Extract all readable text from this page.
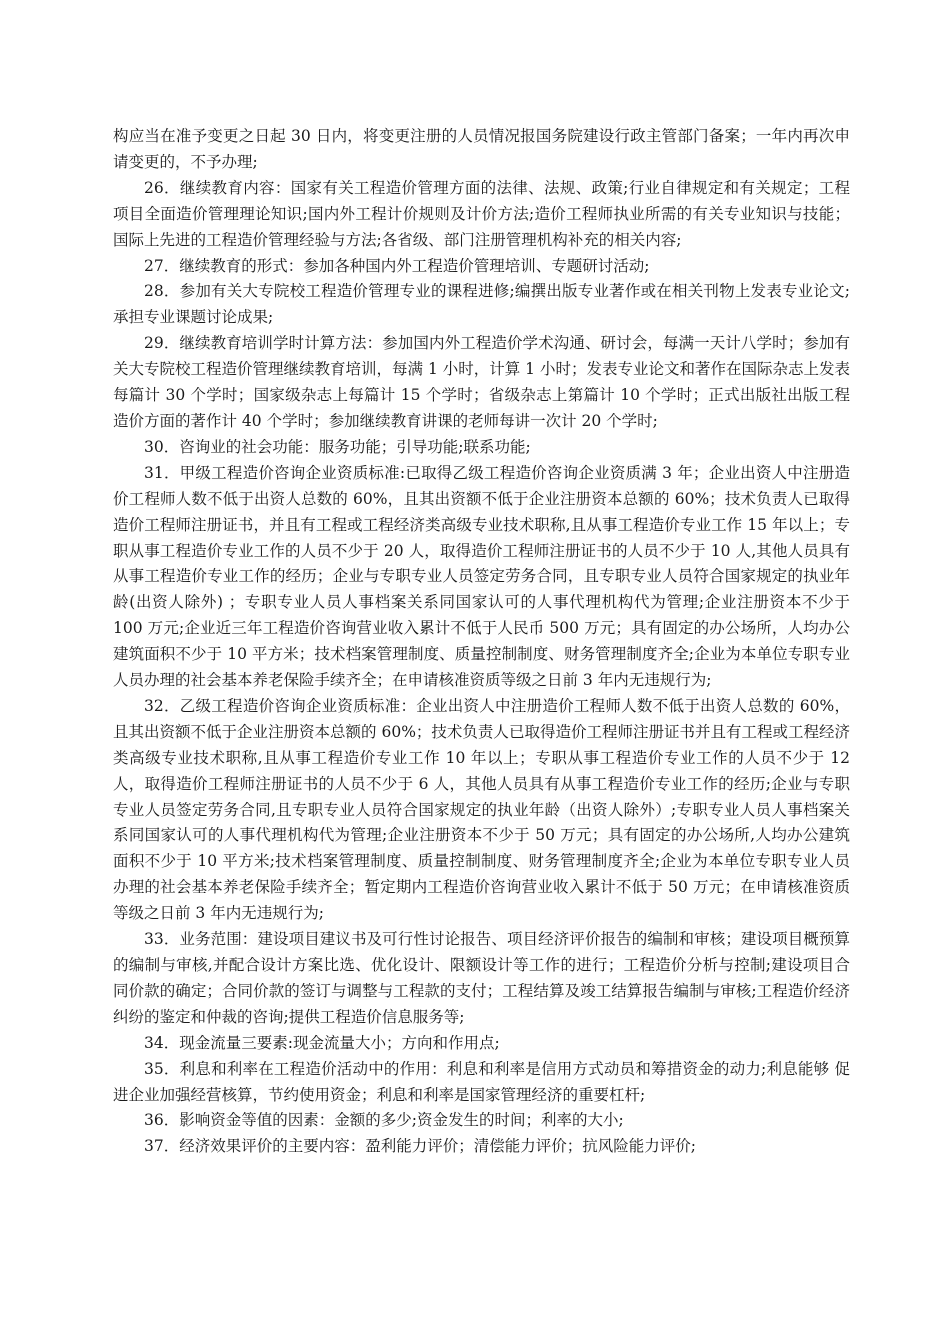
构应当在准予变更之日起 30 日内，将变更注册的人员情况报国务院建设行政主管部门备案；一年内再次申请变更的，不予办理;

26．继续教育内容：国家有关工程造价管理方面的法律、法规、政策;行业自律规定和有关规定；工程项目全面造价管理理论知识;国内外工程计价规则及计价方法;造价工程师执业所需的有关专业知识与技能；国际上先进的工程造价管理经验与方法;各省级、部门注册管理机构补充的相关内容;

27．继续教育的形式：参加各种国内外工程造价管理培训、专题研讨活动;

28．参加有关大专院校工程造价管理专业的课程进修;编撰出版专业著作或在相关刊物上发表专业论文;承担专业课题讨论成果;

29．继续教育培训学时计算方法：参加国内外工程造价学术沟通、研讨会，每满一天计八学时；参加有关大专院校工程造价管理继续教育培训，每满 1 小时，计算 1 小时；发表专业论文和著作在国际杂志上发表每篇计 30 个学时；国家级杂志上每篇计 15 个学时；省级杂志上第篇计 10 个学时；正式出版社出版工程造价方面的著作计 40 个学时；参加继续教育讲课的老师每讲一次计 20 个学时;

30．咨询业的社会功能：服务功能；引导功能;联系功能;

31．甲级工程造价咨询企业资质标准:已取得乙级工程造价咨询企业资质满 3 年；企业出资人中注册造价工程师人数不低于出资人总数的 60%，且其出资额不低于企业注册资本总额的 60%；技术负责人已取得造价工程师注册证书，并且有工程或工程经济类高级专业技术职称,且从事工程造价专业工作 15 年以上；专职从事工程造价专业工作的人员不少于 20 人，取得造价工程师注册证书的人员不少于 10 人,其他人员具有从事工程造价专业工作的经历；企业与专职专业人员签定劳务合同，且专职专业人员符合国家规定的执业年龄(出资人除外) ；专职专业人员人事档案关系同国家认可的人事代理机构代为管理;企业注册资本不少于 100 万元;企业近三年工程造价咨询营业收入累计不低于人民币 500 万元；具有固定的办公场所，人均办公建筑面积不少于 10 平方米；技术档案管理制度、质量控制制度、财务管理制度齐全;企业为本单位专职专业人员办理的社会基本养老保险手续齐全；在申请核准资质等级之日前 3 年内无违规行为;

32．乙级工程造价咨询企业资质标准：企业出资人中注册造价工程师人数不低于出资人总数的 60%，且其出资额不低于企业注册资本总额的 60%；技术负责人已取得造价工程师注册证书并且有工程或工程经济类高级专业技术职称,且从事工程造价专业工作 10 年以上；专职从事工程造价专业工作的人员不少于 12 人，取得造价工程师注册证书的人员不少于 6 人，其他人员具有从事工程造价专业工作的经历;企业与专职专业人员签定劳务合同,且专职专业人员符合国家规定的执业年龄（出资人除外）;专职专业人员人事档案关系同国家认可的人事代理机构代为管理;企业注册资本不少于 50 万元；具有固定的办公场所,人均办公建筑面积不少于 10 平方米;技术档案管理制度、质量控制制度、财务管理制度齐全;企业为本单位专职专业人员办理的社会基本养老保险手续齐全；暂定期内工程造价咨询营业收入累计不低于 50 万元；在申请核准资质等级之日前 3 年内无违规行为;

33．业务范围：建设项目建议书及可行性讨论报告、项目经济评价报告的编制和审核；建设项目概预算的编制与审核,并配合设计方案比选、优化设计、限额设计等工作的进行；工程造价分析与控制;建设项目合同价款的确定；合同价款的签订与调整与工程款的支付；工程结算及竣工结算报告编制与审核;工程造价经济纠纷的鉴定和仲裁的咨询;提供工程造价信息服务等;

34．现金流量三要素:现金流量大小；方向和作用点;

35．利息和利率在工程造价活动中的作用：利息和利率是信用方式动员和筹措资金的动力;利息能够 促进企业加强经营核算，节约使用资金；利息和利率是国家管理经济的重要杠杆;

36．影响资金等值的因素：金额的多少;资金发生的时间；利率的大小;

37．经济效果评价的主要内容：盈利能力评价；清偿能力评价；抗风险能力评价;
